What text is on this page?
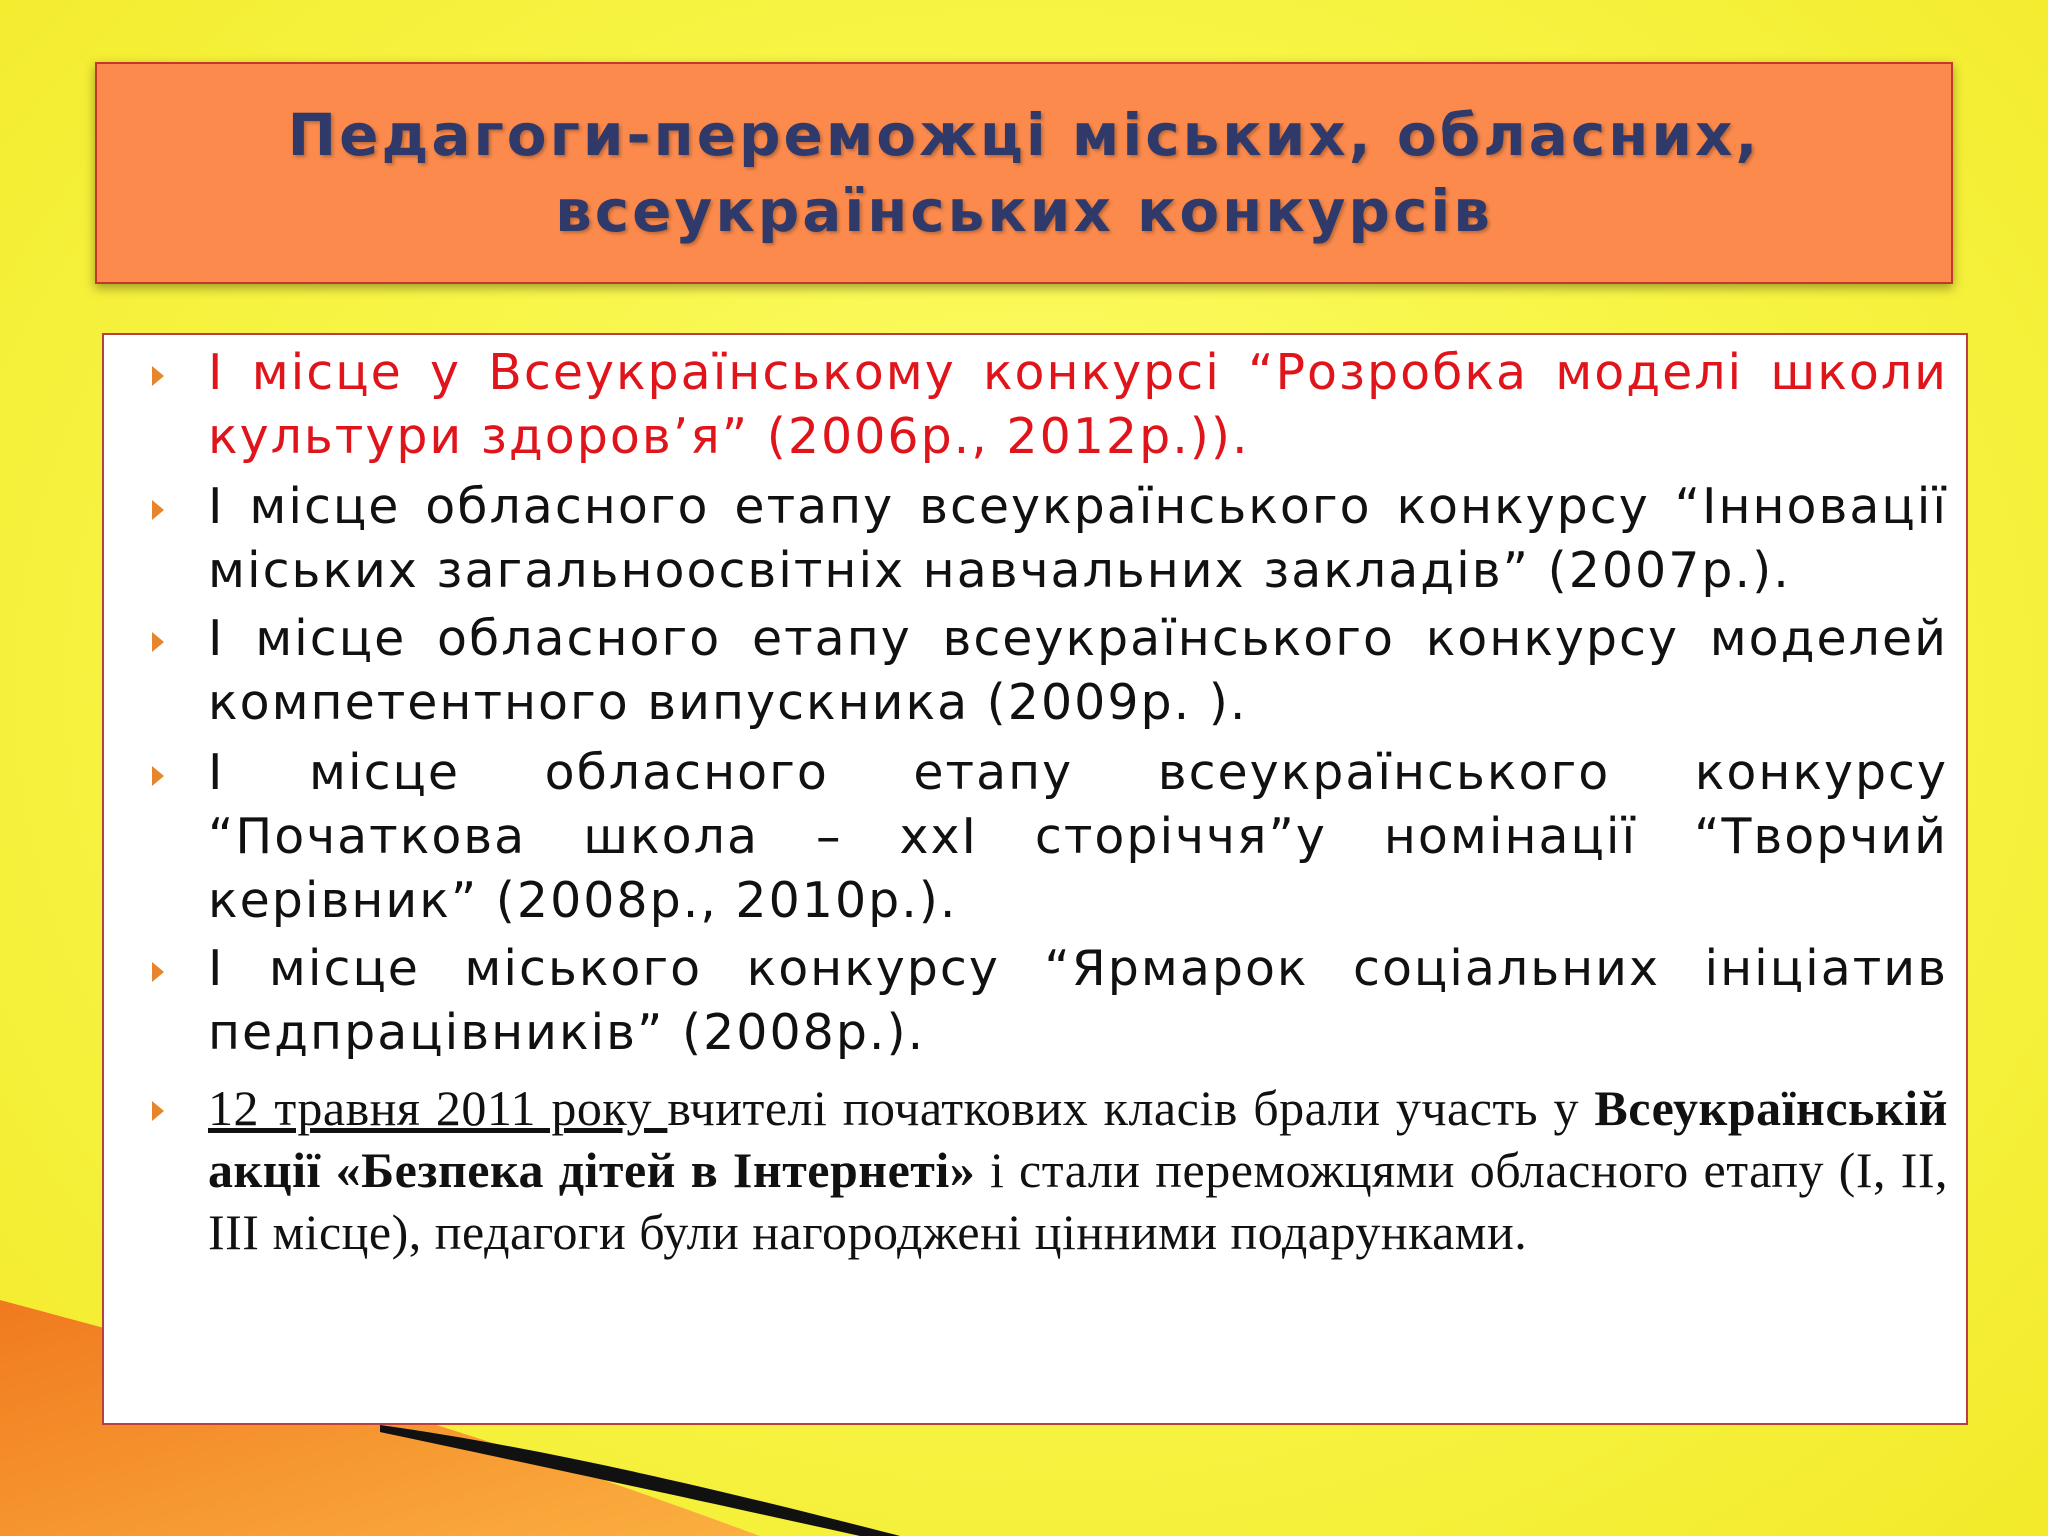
Педагоги-переможці міських, обласних,
всеукраїнських конкурсів

І місце у Всеукраїнському конкурсі “Розробка моделі школи культури здоров’я” (2006р., 2012р.)).

І місце обласного етапу всеукраїнського конкурсу “Інновації міських загальноосвітніх навчальних закладів” (2007р.).

І місце обласного етапу всеукраїнського конкурсу моделей компетентного випускника (2009р. ).

І місце обласного етапу всеукраїнського конкурсу “Початкова школа – ххІ сторіччя”у номінації “Творчий керівник” (2008р., 2010р.).

І місце міського конкурсу “Ярмарок соціальних ініціатив педпрацівників” (2008р.).

12 травня 2011 року вчителі початкових класів брали участь у Всеукраїнській акції «Безпека дітей в Інтернеті» і стали переможцями обласного етапу (І, ІІ, ІІІ місце), педагоги були нагороджені цінними подарунками.
